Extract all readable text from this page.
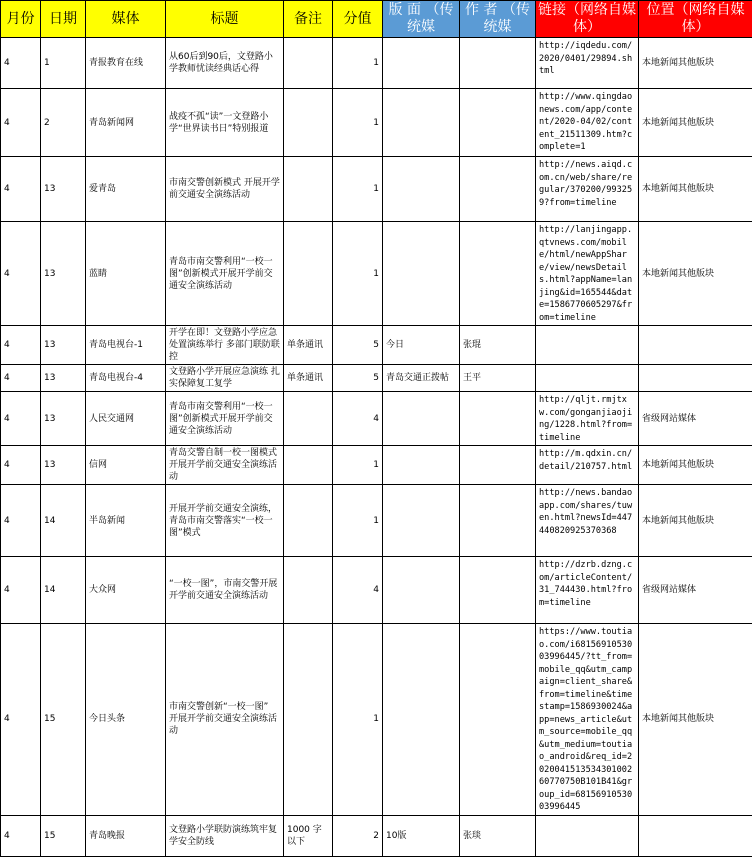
月份	日期	媒体	标题	备注	分值	版 面 （传统媒	作 者 （传统媒	链接（网络自媒体）	位置（网络自媒体）
4	1	青报教育在线	从60后到90后，文登路小学教师忧读经典话心得		1			http://iqdedu.com/2020/0401/29894.shtml	本地新闻其他版块
4	2	青岛新闻网	战疫不孤“读”一文登路小学“世界读书日”特别报道		1			http://www.qingdaonews.com/app/content/2020-04/02/content_21511309.htm?complete=1	本地新闻其他版块
4	13	爱青岛	市南交警创新模式 开展开学前交通安全演练活动		1			http://news.aiqd.com.cn/web/share/regular/370200/993259?from=timeline	本地新闻其他版块
4	13	蓝睛	青岛市南交警利用“一校一图”创新模式开展开学前交通安全演练活动		1			http://lanjingapp.qtvnews.com/mobile/html/newAppShare/view/newsDetails.html?appName=lanjing&id=165544&date=1586770605297&from=timeline	本地新闻其他版块
4	13	青岛电视台-1	开学在即！文登路小学应急处置演练举行 多部门联防联控	单条通讯	5	今日	张琨		
4	13	青岛电视台-4	文登路小学开展应急演练 扎实保障复工复学	单条通讯	5	青岛交通正拨帖	王平		
4	13	人民交通网	青岛市南交警利用“一校一图”创新模式开展开学前交通安全演练活动		4			http://qljt.rmjtxw.com/gonganjiaojing/1228.html?from=timeline	省级网站媒体
4	13	信网	青岛交警自制一校一图模式 开展开学前交通安全演练活动		1			http://m.qdxin.cn/detail/210757.html	本地新闻其他版块
4	14	半岛新闻	开展开学前交通安全演练，青岛市南交警落实“一校一图”模式		1			http://news.bandaoapp.com/shares/tuwen.html?newsId=447440820925370368	本地新闻其他版块
4	14	大众网	“一校一图”，市南交警开展开学前交通安全演练活动		4			http://dzrb.dzng.com/articleContent/31_744430.html?from=timeline	省级网站媒体
4	15	今日头条	市南交警创新“一校一图” 开展开学前交通安全演练活动		1			https://www.toutiao.com/i6815691053003996445/?tt_from=mobile_qq&utm_campaign=client_share&from=timeline&timestamp=1586930024&app=news_article&utm_source=mobile_qq&utm_medium=toutiao_android&req_id=202004151353430100260770750B101B41&group_id=6815691053003996445	本地新闻其他版块
4	15	青岛晚报	文登路小学联防演练筑牢复学安全防线	1000 字 以下	2	10版	张琰		
